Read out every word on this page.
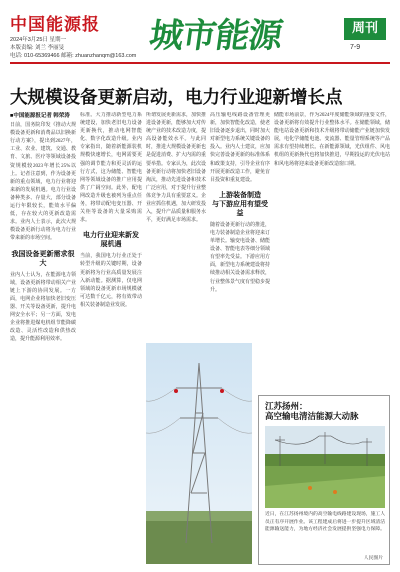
中国能源报
2024年3月25日 星期一
本版责编: 刘兰 李丽旻
电话: 010-65369466 邮箱: zhuanzhanqm@163.com 城市能源	周刊
7-9
大规模设备更新启动，电力行业迎新增长点
■中国能源报记者 韩荣涛
日前，国务院印发《推动大规模设备更新和消费品以旧换新行动方案》，提出到2027年，工业、农业、建筑、交通、教育、文旅、医疗等领域设备投资规模较2023年增长25%以上。记者注意到，作为设备更新的重点领域，电力行业将迎来新的发展机遇。电力行业设备种类多、存量大，部分设备运行年限较长，能效水平偏低，存在较大的更新改造需求。业内人士表示，此次大规模设备更新行动将为电力行业带来新的市场空间。
我国设备更新需求很大
业内人士认为，在能源电力领域，设备更新将带动相关产业链上下游的协同发展。一方面，电网企业将加快老旧变压器、开关等设备更新，提升电网安全水平；另一方面，发电企业将推进煤电机组节能降碳改造、灵活性改造和供热改造，提升能源利用效率。
标准。大力推动新型电力系统建设，加快老旧电力设备更新换代，推动电网智能化、数字化改造升级。业内专家指出，随着新能源装机规模快速增长，电网需要更强的调节能力和更灵活的运行方式，这为储能、智能电网等领域设备的推广应用提供了广阔空间。此外，配电网改造升级也被列为重点任务，将带动配电变压器、开关柜等设备的大量采购需求。
电力行业迎来新发展机遇
当前，我国电力行业正处于转型升级的关键时期，设备更新将为行业高质量发展注入新动能。据测算，仅电网领域的设备更新市场规模就可达数千亿元，将有效带动相关装备制造业发展。
所谓发展更新需求，加快推进设备更新，能够加大对传统产业的技术改造力度，提高设备能效水平。与此同时，推进大规模设备更新也是促进消费、扩大内需的重要举措。专家认为，此次设备更新行动将加快老旧设备淘汰，推动先进设备和技术广泛应用，对于提升行业整体竞争力具有重要意义。企业应抓住机遇，加大研发投入，提升产品质量和服务水平，更好满足市场需求。
高压输电线路设备管理更新，加快智能化改造，使老旧设备逐步退出，同时加大对新型电力系统关键设备的投入。业内人士建议，应加快完善设备更新的标准体系和政策支持，引导企业有序开展更新改造工作，避免盲目投资和重复建设。
上游装备制造
与下游应用有望受益
随着设备更新行动的推进，电力装备制造企业将迎来订单增长。输变电设备、储能设备、智能电表等细分领域有望率先受益。下游应用方面，新型电力系统建设将持续推动相关设备需求释放，行业整体景气度有望稳步提升。
储能市场前景，作为2024年度储能领域的重要文件，设备更新将有效提升行业整体水平。在储能领域，储能电站设备更新和技术升级将带动储能产业链加快发展，电化学储能电池、变流器、能量管理系统等产品需求有望持续增长。在新能源领域，光伏组件、风电机组的更新换代也将加快推进，早期投运的光伏电站和风电场将迎来设备更新改造窗口期。
江苏扬州：
高空输电清洁能源大动脉
近日，在江苏扬州境内的高空输电线路建设现场，施工人员正有序开展作业。该工程建成后将进一步提升区域清洁能源输送能力，为地方经济社会发展提供坚强电力保障。
人民图片
